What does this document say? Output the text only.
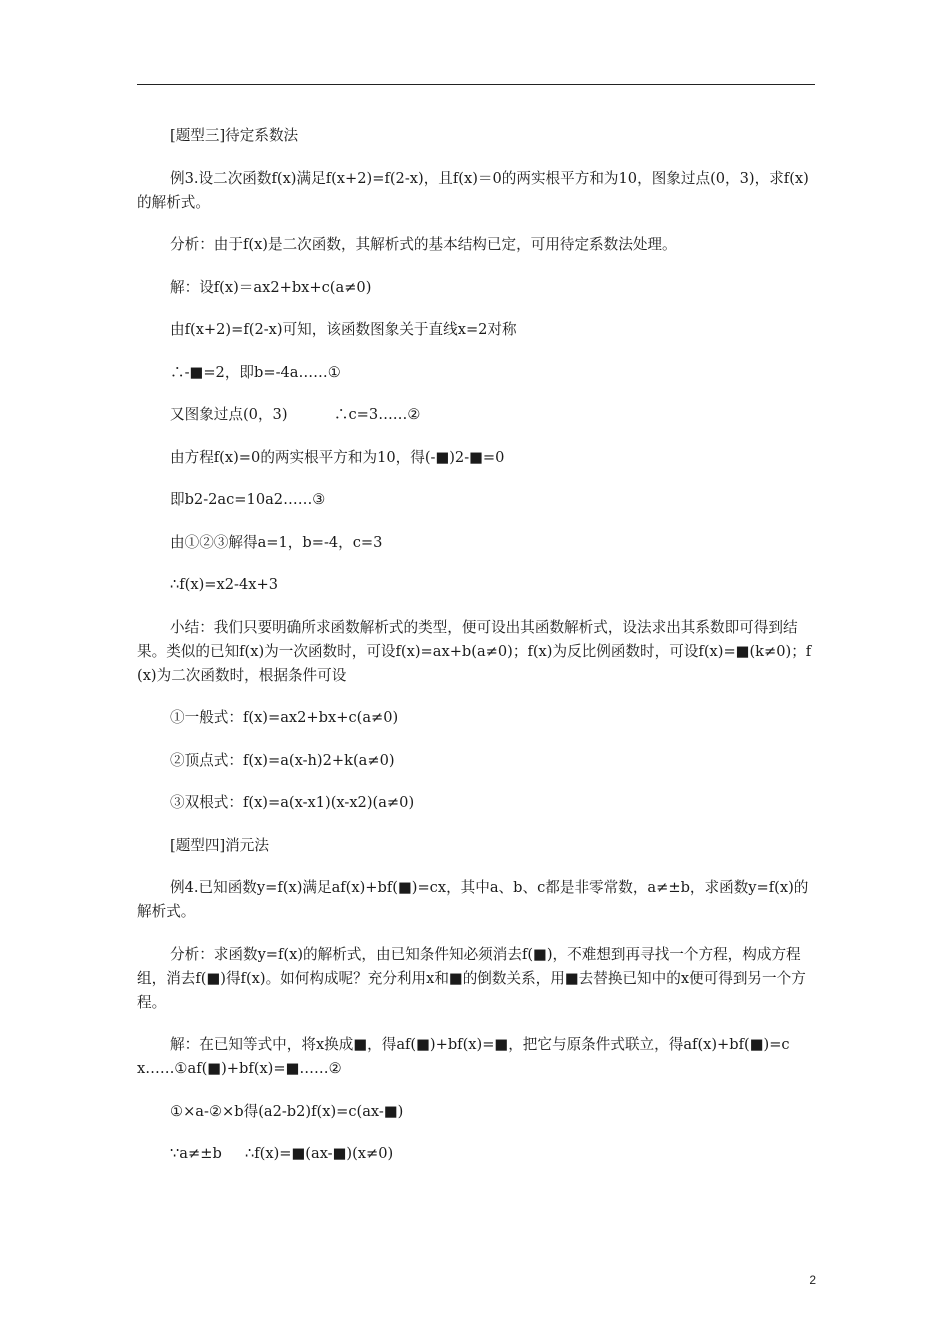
[题型三]待定系数法

例3.设二次函数f(x)满足f(x+2)=f(2-x)，且f(x)＝0的两实根平方和为10，图象过点(0，3)，求f(x)的解析式。

分析：由于f(x)是二次函数，其解析式的基本结构已定，可用待定系数法处理。

解：设f(x)＝ax2+bx+c(a≠0)

由f(x+2)=f(2-x)可知，该函数图象关于直线x=2对称

∴-■=2，即b=-4a……①

又图象过点(0，3)          ∴c=3……②

由方程f(x)=0的两实根平方和为10，得(-■)2-■=0

即b2-2ac=10a2……③

由①②③解得a=1，b=-4，c=3

∴f(x)=x2-4x+3

小结：我们只要明确所求函数解析式的类型，便可设出其函数解析式，设法求出其系数即可得到结果。类似的已知f(x)为一次函数时，可设f(x)=ax+b(a≠0)；f(x)为反比例函数时，可设f(x)=■(k≠0)；f(x)为二次函数时，根据条件可设

①一般式：f(x)=ax2+bx+c(a≠0)

②顶点式：f(x)=a(x-h)2+k(a≠0)

③双根式：f(x)=a(x-x1)(x-x2)(a≠0)

[题型四]消元法

例4.已知函数y=f(x)满足af(x)+bf(■)=cx，其中a、b、c都是非零常数，a≠±b，求函数y=f(x)的解析式。

分析：求函数y=f(x)的解析式，由已知条件知必须消去f(■)，不难想到再寻找一个方程，构成方程组，消去f(■)得f(x)。如何构成呢？充分利用x和■的倒数关系，用■去替换已知中的x便可得到另一个方程。

解：在已知等式中，将x换成■，得af(■)+bf(x)=■，把它与原条件式联立，得af(x)+bf(■)=cx……①af(■)+bf(x)=■……②

①×a-②×b得(a2-b2)f(x)=c(ax-■)

∵a≠±b     ∴f(x)=■(ax-■)(x≠0)

2
